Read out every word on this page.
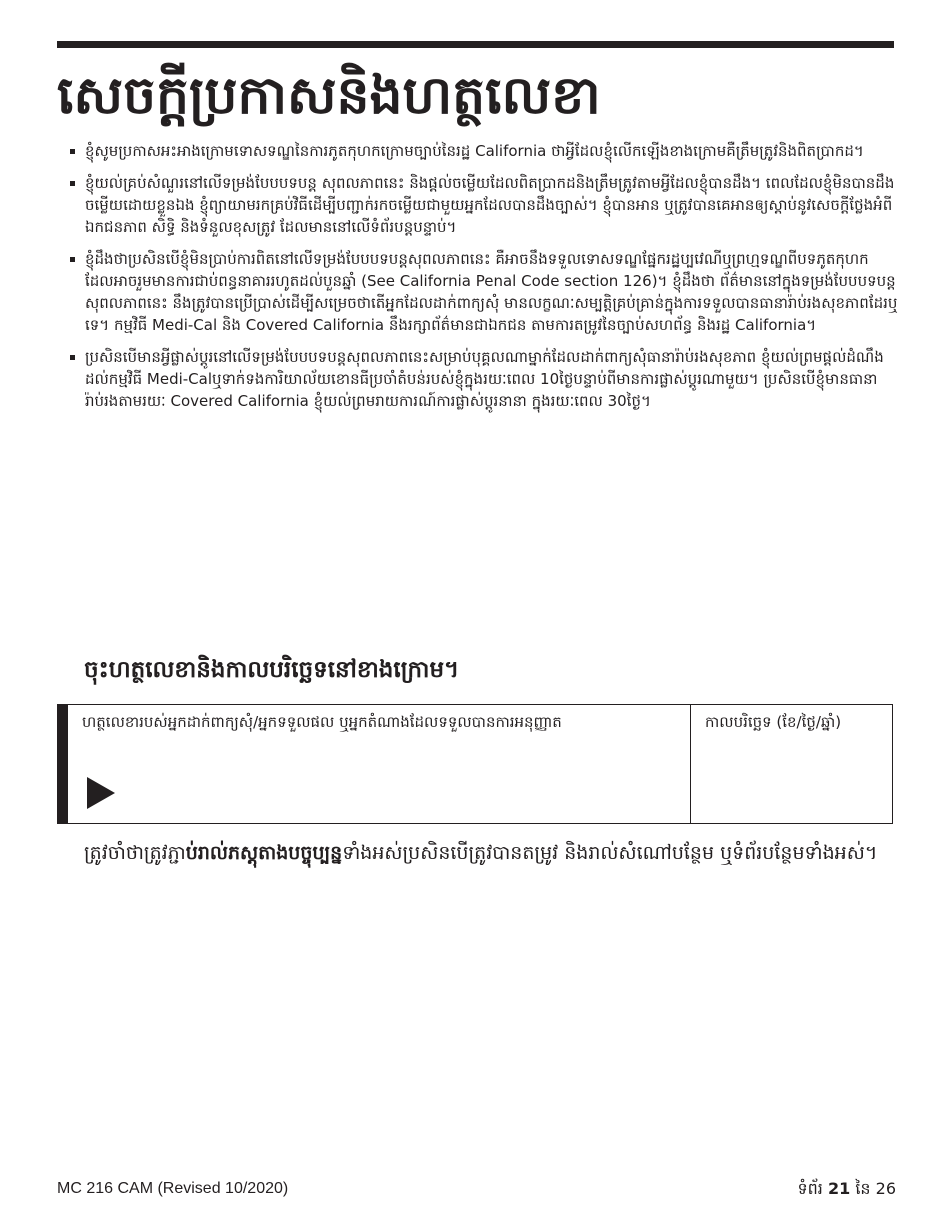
សេចក្តីប្រកាសនិងហត្ថលេខា
ខ្ញុំសូមប្រកាសអះអាងក្រោមទោសទណ្ឌនៃការភូតកុហកក្រោមច្បាប់នៃរដ្ឋ California ថាអ្វីដែលខ្ញុំលើកឡើងខាងក្រោមគឺត្រឹមត្រូវនិងពិតប្រាកដ។
ខ្ញុំយល់គ្រប់សំណួរនៅលើទម្រង់បែបបទបន្ត សុពលភាពនេះ និងផ្តល់ចម្លើយដែលពិតប្រាកដនិងត្រឹមត្រូវតាមអ្វីដែលខ្ញុំបានដឹង។ ពេលដែលខ្ញុំមិនបានដឹងចម្លើយដោយខ្លួនឯង ខ្ញុំព្យាយាមរកគ្រប់វិធីដើម្បីបញ្ជាក់រកចម្លើយជាមួយអ្នកដែលបានដឹងច្បាស់។ ខ្ញុំបានអាន ឬត្រូវបានគេអានឲ្យស្តាប់នូវសេចក្តីថ្លែងអំពីឯកជនភាព សិទ្ធិ និងទំនួលខុសត្រូវ ដែលមាននៅលើទំព័របន្តបន្ទាប់។
ខ្ញុំដឹងថាប្រសិនបើខ្ញុំមិនប្រាប់ការពិតនៅលើទម្រង់បែបបទបន្តសុពលភាពនេះ គឺអាចនឹងទទួលទោសទណ្ឌផ្នែករដ្ឋប្បវេណីឬព្រហ្មទណ្ឌពីបទភូតកុហក ដែលអាចរួមមានការជាប់ពន្ធនាគាររហូតដល់បួនឆ្នាំ (See California Penal Code section 126)។ ខ្ញុំដឹងថា ព័ត៌មាននៅក្នុងទម្រង់បែបបទបន្តសុពលភាពនេះ នឹងត្រូវបានប្រើប្រាស់ដើម្បីសម្រេចថាតើអ្នកដែលដាក់ពាក្យសុំ មានលក្ខណៈសម្បត្តិគ្រប់គ្រាន់ក្នុងការទទួលបានធានារ៉ាប់រងសុខភាពដែរឬទេ។ កម្មវិធី Medi-Cal និង Covered California នឹងរក្សាព័ត៌មានជាឯកជន តាមការតម្រូវនៃច្បាប់សហព័ន្ធ និងរដ្ឋ California។
ប្រសិនបើមានអ្វីផ្លាស់ប្តូរនៅលើទម្រង់បែបបទបន្តសុពលភាពនេះសម្រាប់បុគ្គលណាម្នាក់ដែលដាក់ពាក្យសុំធានារ៉ាប់រងសុខភាព ខ្ញុំយល់ព្រមផ្តល់ដំណឹងដល់កម្មវិធី Medi-Calឬទាក់ទងការិយាល័យខោនធីប្រចាំតំបន់របស់ខ្ញុំក្នុងរយៈពេល 10ថ្ងៃបន្ទាប់ពីមានការផ្លាស់ប្តូរណាមួយ។ ប្រសិនបើខ្ញុំមានធានារ៉ាប់រងតាមរយៈ Covered California ខ្ញុំយល់ព្រមរាយការណ៍ការផ្លាស់ប្តូរនានា ក្នុងរយៈពេល 30ថ្ងៃ។
ចុះហត្ថលេខានិងកាលបរិច្ឆេទនៅខាងក្រោម។
ហត្ថលេខារបស់អ្នកដាក់ពាក្យសុំ/អ្នកទទួលផល ឬអ្នកតំណាងដែលទទួលបានការអនុញ្ញាត	កាលបរិច្ឆេទ (ខែ/ថ្ងៃ/ឆ្នាំ)
ត្រូវចាំថាត្រូវភ្ជាប់រាល់ភស្តុតាងបច្ចុប្បន្នទាំងអស់ប្រសិនបើត្រូវបានតម្រូវ និងរាល់សំណៅបន្ថែម ឬទំព័របន្ថែមទាំងអស់។
MC 216 CAM (Revised 10/2020)	ទំព័រ 21 នៃ 26
